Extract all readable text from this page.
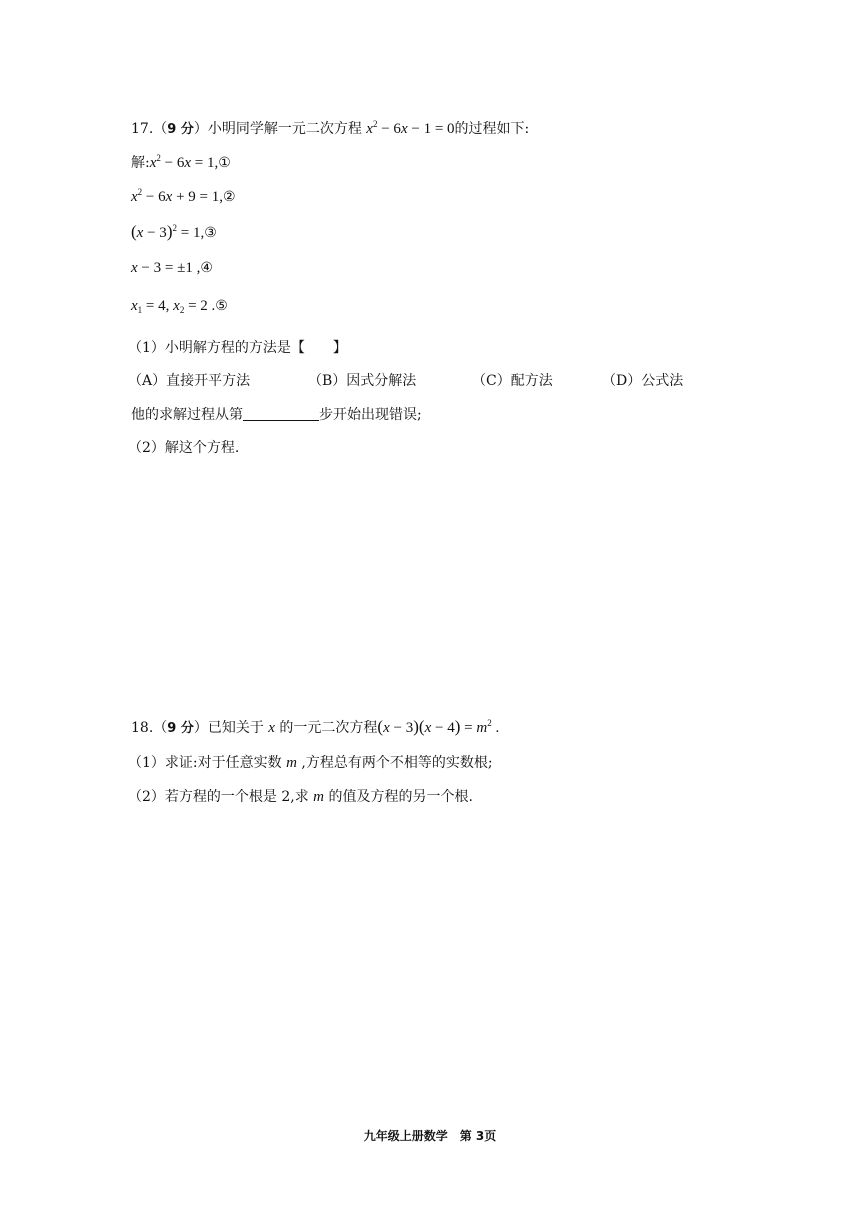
17.（9 分）小明同学解一元二次方程 $x^2 - 6x - 1 = 0$的过程如下:
解$:x^2 - 6x$ = 1,①
$x^2 - 6x + 9$ = 1,②
$(x - 3)^2$ = 1,③
x − 3 = ±1 ,④
$x_1 = 4$, $x_2 = 2$ .⑤
（1）小明解方程的方法是【　　】
（A）直接开平方法	（B）因式分解法	（C）配方法	（D）公式法
他的求解过程从第	步开始出现错误;
（2）解这个方程.
18.（9 分）已知关于 x 的一元二次方程$(x - 3)(x - 4) = m^2$ .
（1）求证:对于任意实数 m ,方程总有两个不相等的实数根;
（2）若方程的一个根是 2,求 m 的值及方程的另一个根.
九年级上册数学　第 3页
